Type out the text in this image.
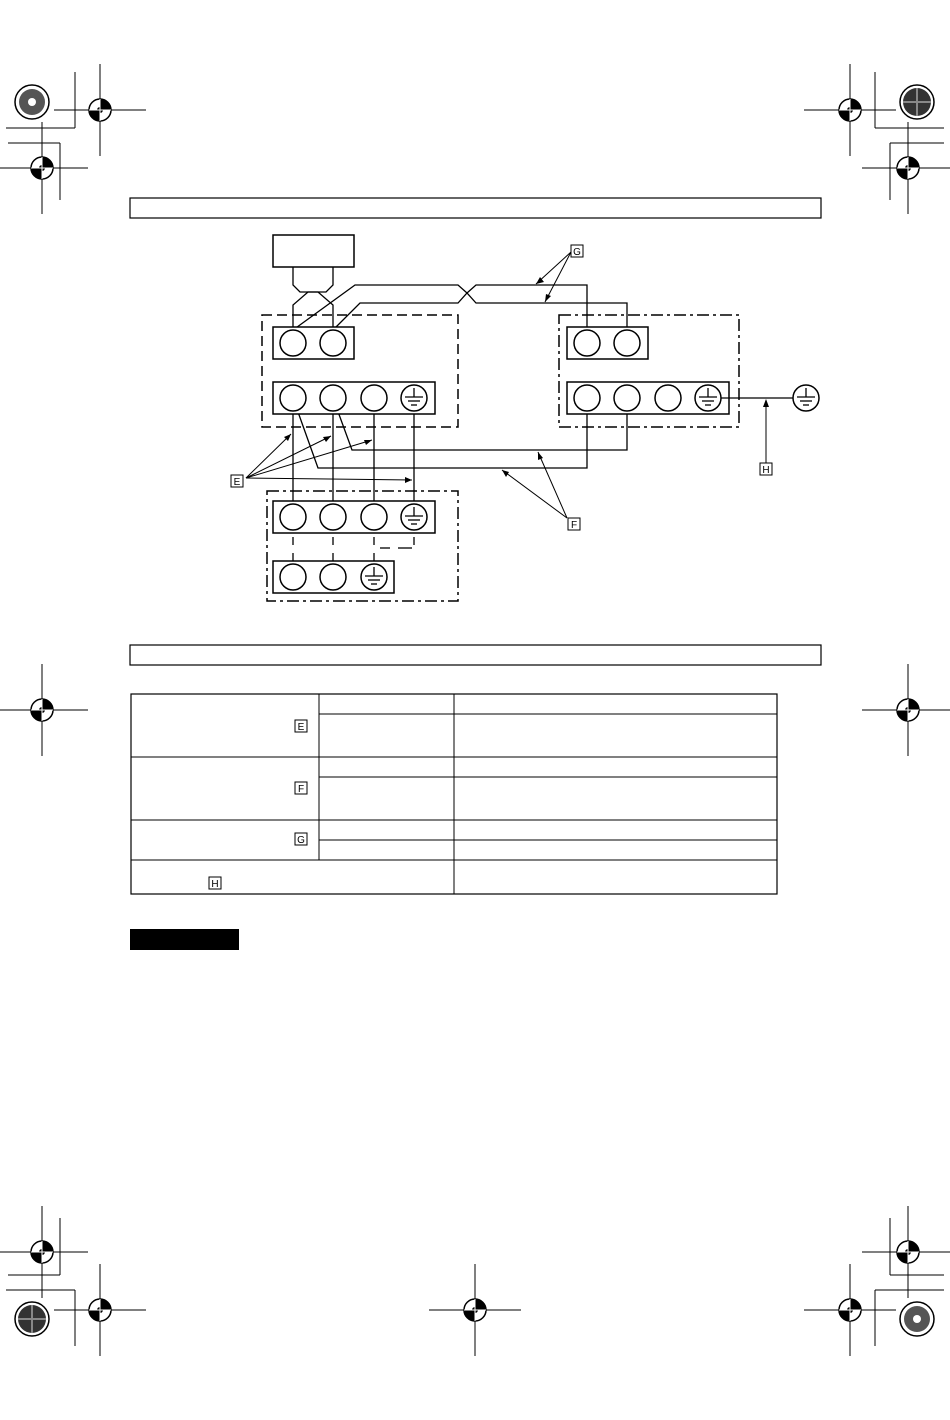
E
F
G
H
E
F
G
H
